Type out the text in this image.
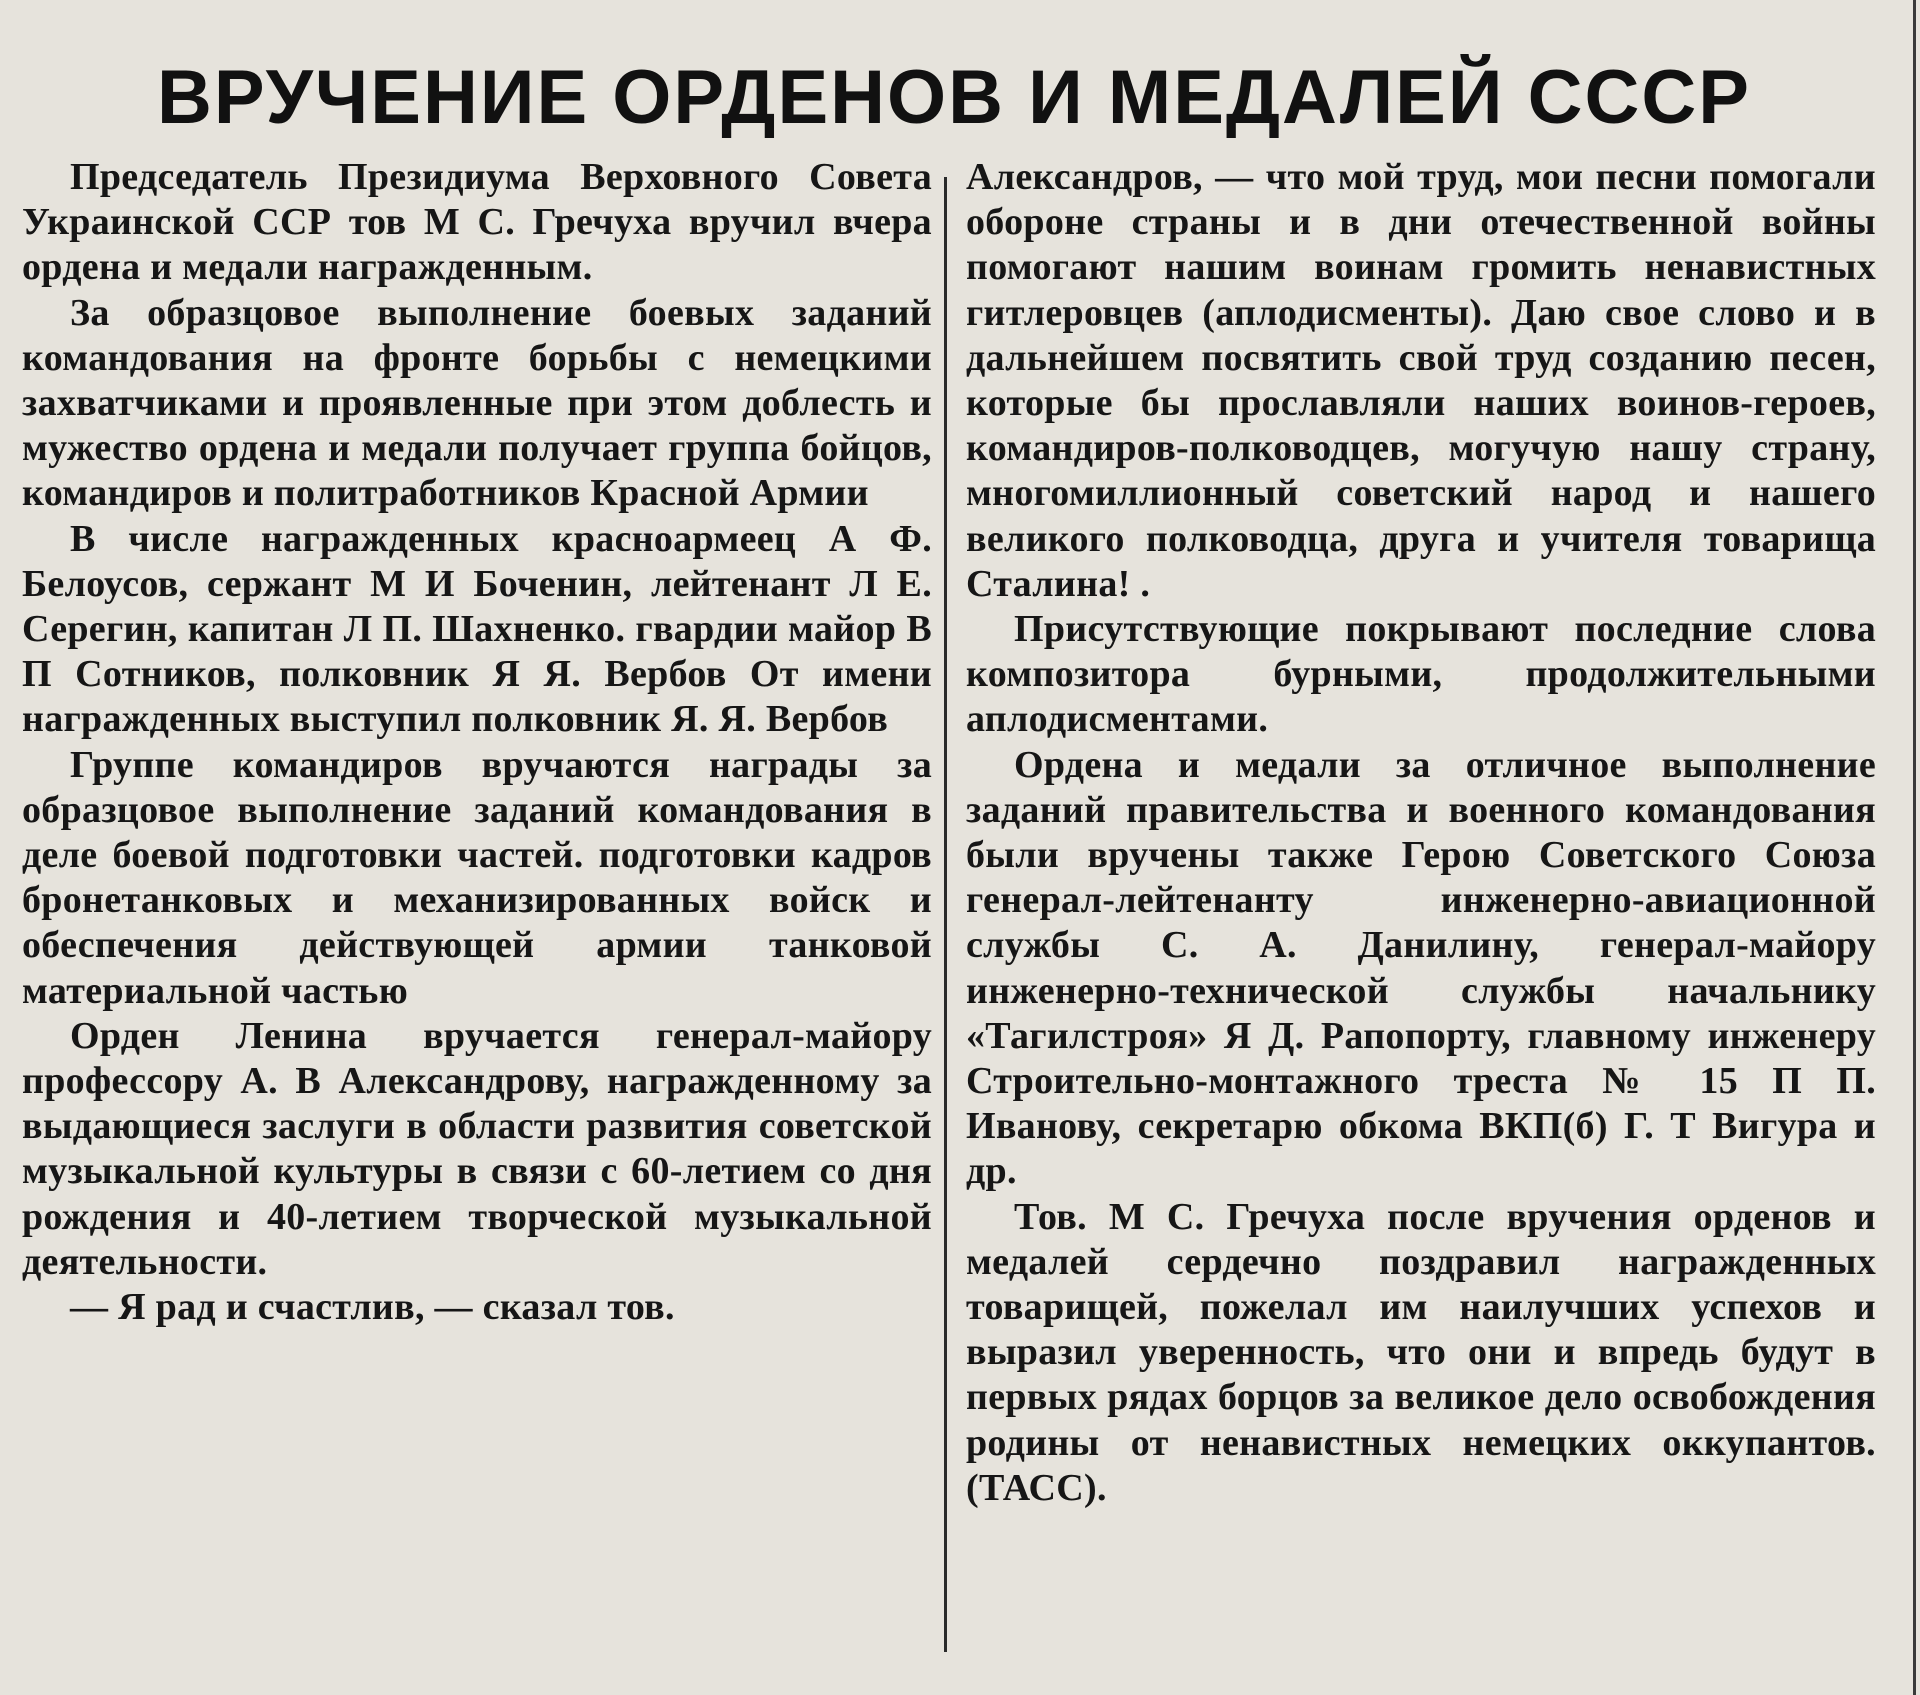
ВРУЧЕНИЕ ОРДЕНОВ И МЕДАЛЕЙ СССР

Председатель Президиума Верховного Совета Украинской ССР тов М С. Гречуха вручил вчера ордена и медали награжденным.

За образцовое выполнение боевых заданий командования на фронте борьбы с немецкими захватчиками и проявленные при этом доблесть и мужество ордена и медали получает группа бойцов, командиров и политработников Красной Армии

В числе награжденных красноармеец А Ф. Белоусов, сержант М И Боченин, лейтенант Л Е. Серегин, капитан Л П. Шахненко. гвардии майор В П Сотников, полковник Я Я. Вербов От имени награжденных выступил полковник Я. Я. Вербов

Группе командиров вручаются награды за образцовое выполнение заданий командования в деле боевой подготовки частей. подготовки кадров бронетанковых и механизированных войск и обеспечения действующей армии танковой материальной частью

Орден Ленина вручается генерал-майору профессору А. В Александрову, награжденному за выдающиеся заслуги в области развития советской музыкальной культуры в связи с 60-летием со дня рождения и 40-летием творческой музыкальной деятельности.

— Я рад и счастлив, — сказал тов.

Александров, — что мой труд, мои песни помогали обороне страны и в дни отечественной войны помогают нашим воинам громить ненавистных гитлеровцев (аплодисменты). Даю свое слово и в дальнейшем посвятить свой труд созданию песен, которые бы прославляли наших воинов-героев, командиров-полководцев, могучую нашу страну, многомиллионный советский народ и нашего великого полководца, друга и учителя товарища Сталина! .

Присутствующие покрывают последние слова композитора бурными, продолжительными аплодисментами.

Ордена и медали за отличное выполнение заданий правительства и военного командования были вручены также Герою Советского Союза генерал-лейтенанту инженерно-авиационной службы С. А. Данилину, генерал-майору инженерно-технической службы начальнику «Тагилстроя» Я Д. Рапопорту, главному инженеру Строительно-монтажного треста № 15 П П. Иванову, секретарю обкома ВКП(б) Г. Т Вигура и др.

Тов. М С. Гречуха после вручения орденов и медалей сердечно поздравил награжденных товарищей, пожелал им наилучших успехов и выразил уверенность, что они и впредь будут в первых рядах борцов за великое дело освобождения родины от ненавистных немецких оккупантов. (ТАСС).
